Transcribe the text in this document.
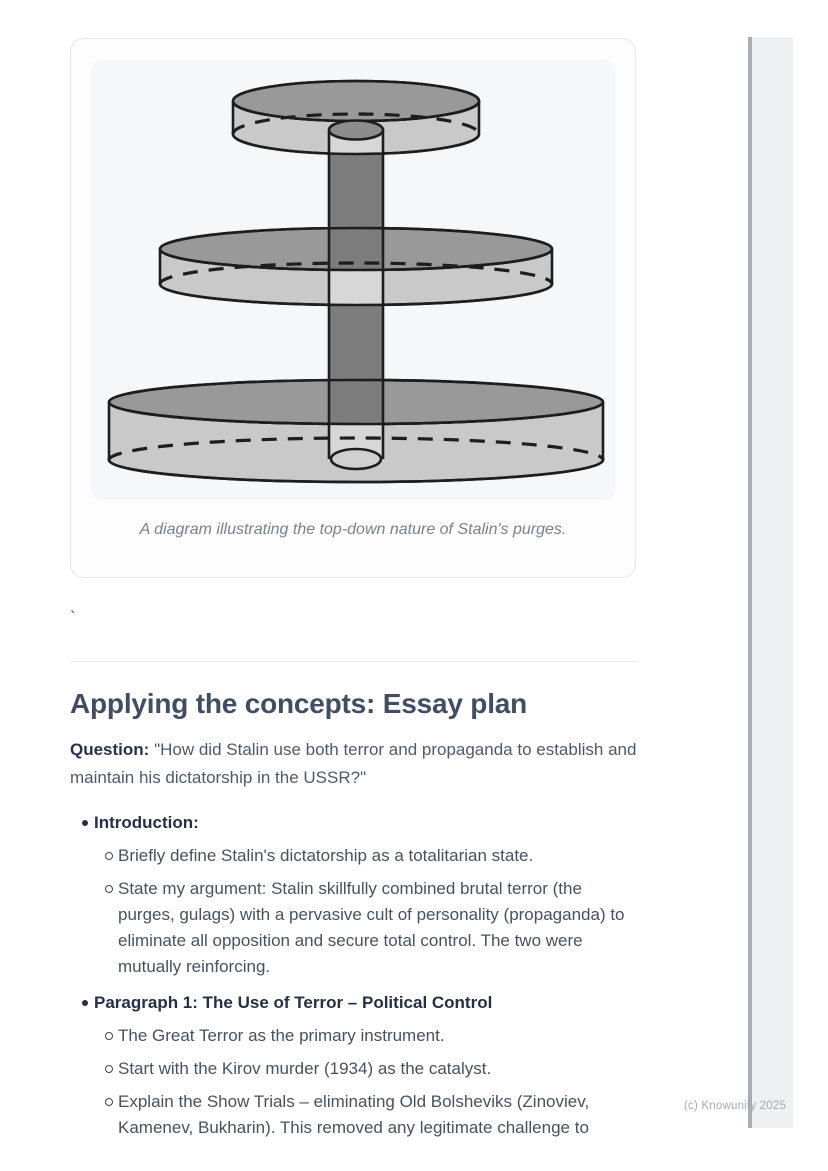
A diagram illustrating the top-down nature of Stalin's purges.
`
Applying the concepts: Essay plan

Question: "How did Stalin use both terror and propaganda to establish and maintain his dictatorship in the USSR?"

Introduction:
Briefly define Stalin's dictatorship as a totalitarian state.
State my argument: Stalin skillfully combined brutal terror (the purges, gulags) with a pervasive cult of personality (propaganda) to eliminate all opposition and secure total control. The two were mutually reinforcing.
Paragraph 1: The Use of Terror – Political Control
The Great Terror as the primary instrument.
Start with the Kirov murder (1934) as the catalyst.
Explain the Show Trials – eliminating Old Bolsheviks (Zinoviev, Kamenev, Bukharin). This removed any legitimate challenge to
(c) Knowunity 2025
